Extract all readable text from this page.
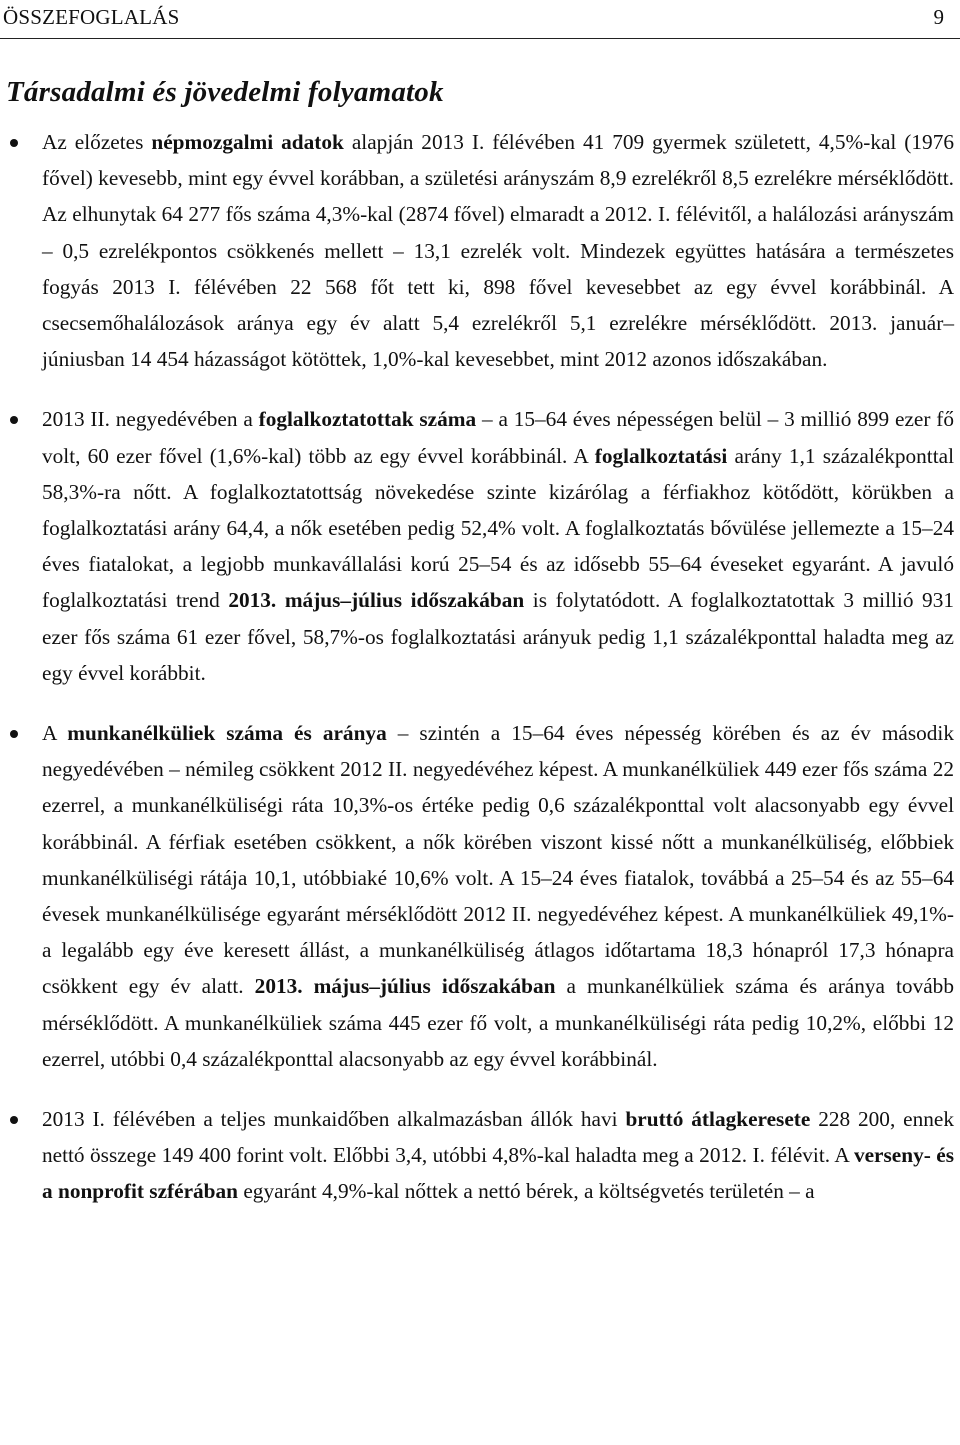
ÖSSZEFOGLALÁS	9
Társadalmi és jövedelmi folyamatok

Az előzetes népmozgalmi adatok alapján 2013 I. félévében 41 709 gyermek született, 4,5%-kal (1976 fővel) kevesebb, mint egy évvel korábban, a születési arányszám 8,9 ezrelékről 8,5 ezrelékre mérséklődött. Az elhunytak 64 277 fős száma 4,3%-kal (2874 fővel) elmaradt a 2012. I. félévitől, a halálozási arányszám – 0,5 ezrelékpontos csökkenés mellett – 13,1 ezrelék volt. Mindezek együttes hatására a természetes fogyás 2013 I. félévében 22 568 főt tett ki, 898 fővel kevesebbet az egy évvel korábbinál. A csecsemőhalálozások aránya egy év alatt 5,4 ezrelékről 5,1 ezrelékre mérséklődött. 2013. január–júniusban 14 454 házasságot kötöttek, 1,0%-kal kevesebbet, mint 2012 azonos időszakában.

2013 II. negyedévében a foglalkoztatottak száma – a 15–64 éves népességen belül – 3 millió 899 ezer fő volt, 60 ezer fővel (1,6%-kal) több az egy évvel korábbinál. A foglalkoztatási arány 1,1 százalékponttal 58,3%-ra nőtt. A foglalkoztatottság növekedése szinte kizárólag a férfiakhoz kötődött, körükben a foglalkoztatási arány 64,4, a nők esetében pedig 52,4% volt. A foglalkoztatás bővülése jellemezte a 15–24 éves fiatalokat, a legjobb munkavállalási korú 25–54 és az idősebb 55–64 éveseket egyaránt. A javuló foglalkoztatási trend 2013. május–július időszakában is folytatódott. A foglalkoztatottak 3 millió 931 ezer fős száma 61 ezer fővel, 58,7%-os foglalkoztatási arányuk pedig 1,1 százalékponttal haladta meg az egy évvel korábbit.

A munkanélküliek száma és aránya – szintén a 15–64 éves népesség körében és az év második negyedévében – némileg csökkent 2012 II. negyedévéhez képest. A munkanélküliek 449 ezer fős száma 22 ezerrel, a munkanélküliségi ráta 10,3%-os értéke pedig 0,6 százalékponttal volt alacsonyabb egy évvel korábbinál. A férfiak esetében csökkent, a nők körében viszont kissé nőtt a munkanélküliség, előbbiek munkanélküliségi rátája 10,1, utóbbiaké 10,6% volt. A 15–24 éves fiatalok, továbbá a 25–54 és az 55–64 évesek munkanélkülisége egyaránt mérséklődött 2012 II. negyedévéhez képest. A munkanélküliek 49,1%-a legalább egy éve keresett állást, a munkanélküliség átlagos időtartama 18,3 hónapról 17,3 hónapra csökkent egy év alatt. 2013. május–július időszakában a munkanélküliek száma és aránya tovább mérséklődött. A munkanélküliek száma 445 ezer fő volt, a munkanélküliségi ráta pedig 10,2%, előbbi 12 ezerrel, utóbbi 0,4 százalékponttal alacsonyabb az egy évvel korábbinál.

2013 I. félévében a teljes munkaidőben alkalmazásban állók havi bruttó átlagkeresete 228 200, ennek nettó összege 149 400 forint volt. Előbbi 3,4, utóbbi 4,8%-kal haladta meg a 2012. I. félévit. A verseny- és a nonprofit szférában egyaránt 4,9%-kal nőttek a nettó bérek, a költségvetés területén – a
